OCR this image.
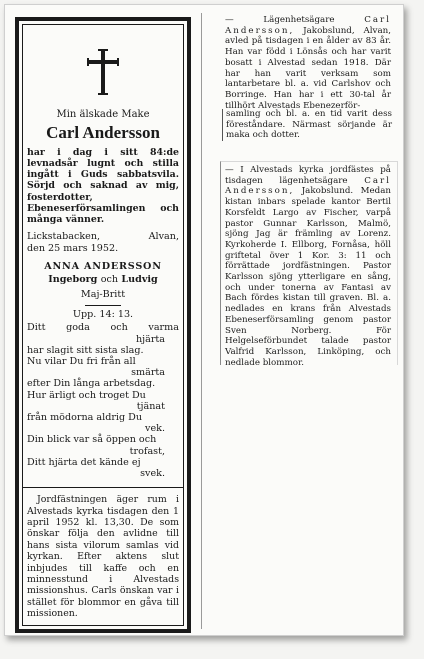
Min älskade Make
Carl Andersson
har i dag i sitt 84:de levnadsår lugnt och stilla ingått i Guds sabbatsvila. Sörjd och saknad av mig, fosterdotter, Ebeneserförsamlingen och många vänner.
Lickstabacken,	Alvan,
den 25 mars 1952.
ANNA ANDERSSON
Ingeborg och Ludvig
Maj-Britt
Upp. 14: 13.
Ditt goda och varma
hjärta
har slagit sitt sista slag.
Nu vilar Du fri från all
smärta
efter Din långa arbetsdag.
Hur ärligt och troget Du
tjänat
från mödorna aldrig Du
vek.
Din blick var så öppen och
trofast,
Ditt hjärta det kände ej
svek.
Jordfästningen äger rum i Alvestads kyrka tisdagen den 1 april 1952 kl. 13,30. De som önskar följa den avlidne till hans sista vilorum samlas vid kyrkan. Efter aktens slut inbjudes till kaffe och en minnesstund i Alvestads missionshus. Carls önskan var i stället för blommor en gåva till missionen.
— Lägenhetsägare	Carl Andersson, Jakobslund, Alvan, avled på tisdagen i en ålder av 83 år. Han var född i Lönsås och har varit bosatt i Alvestad sedan 1918. Där har han varit verksam som lantarbetare bl. a. vid Carlshov och Borringe. Han har i ett 30-tal år tillhört Alvestads Ebenezerför-
samling och bl. a. en tid varit dess föreståndare. Närmast sörjande är maka och dotter.
— I Alvestads kyrka jordfästes på tisdagen lägenhetsägare Carl Andersson, Jakobslund. Medan kistan inbars spelade kantor Bertil Korsfeldt Largo av Fischer, varpå pastor Gunnar Karlsson, Malmö, sjöng Jag är främling av Lorenz. Kyrkoherde I. Ellborg, Fornåsa, höll griftetal över 1 Kor. 3: 11 och förrättade jordfästningen. Pastor Karlsson sjöng ytterligare en sång, och under tonerna av Fantasi av Bach fördes kistan till graven. Bl. a. nedlades en krans från Alvestads Ebeneserförsamling genom pastor Sven Norberg. För Helgelseförbundet talade pastor Valfrid Karlsson, Linköping, och nedlade blommor.
